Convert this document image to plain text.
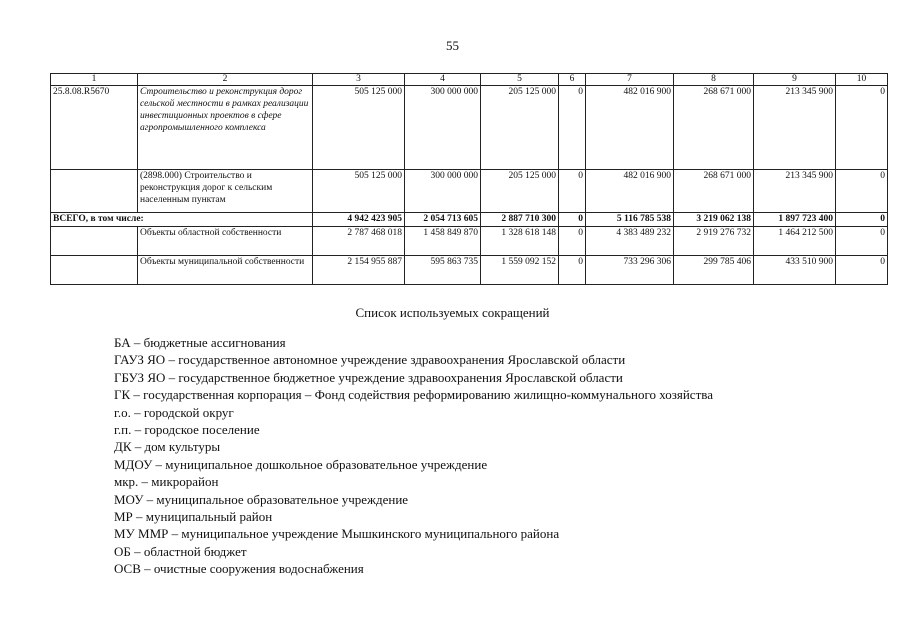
55
1	2	3	4	5	6	7	8	9	10
25.8.08.R5670	Строительство и реконструкция дорог сельской местности в рамках реализации инвестиционных проектов в сфере агропромышленного комплекса	505 125 000	300 000 000	205 125 000	0	482 016 900	268 671 000	213 345 900	0
	(2898.000) Строительство и реконструкция дорог к сельским населенным пунктам	505 125 000	300 000 000	205 125 000	0	482 016 900	268 671 000	213 345 900	0
ВСЕГО, в том числе:		4 942 423 905	2 054 713 605	2 887 710 300	0	5 116 785 538	3 219 062 138	1 897 723 400	0
	Объекты областной собственности	2 787 468 018	1 458 849 870	1 328 618 148	0	4 383 489 232	2 919 276 732	1 464 212 500	0
	Объекты муниципальной собственности	2 154 955 887	595 863 735	1 559 092 152	0	733 296 306	299 785 406	433 510 900	0
Список используемых сокращений
БА – бюджетные ассигнования
ГАУЗ ЯО – государственное автономное учреждение здравоохранения Ярославской области
ГБУЗ ЯО – государственное бюджетное учреждение здравоохранения Ярославской области
ГК – государственная корпорация – Фонд содействия реформированию жилищно-коммунального хозяйства
г.о. – городской округ
г.п. – городское поселение
ДК – дом культуры
МДОУ – муниципальное дошкольное образовательное учреждение
мкр. – микрорайон
МОУ – муниципальное образовательное учреждение
МР – муниципальный район
МУ ММР – муниципальное учреждение Мышкинского муниципального района
ОБ – областной бюджет
ОСВ – очистные сооружения водоснабжения
